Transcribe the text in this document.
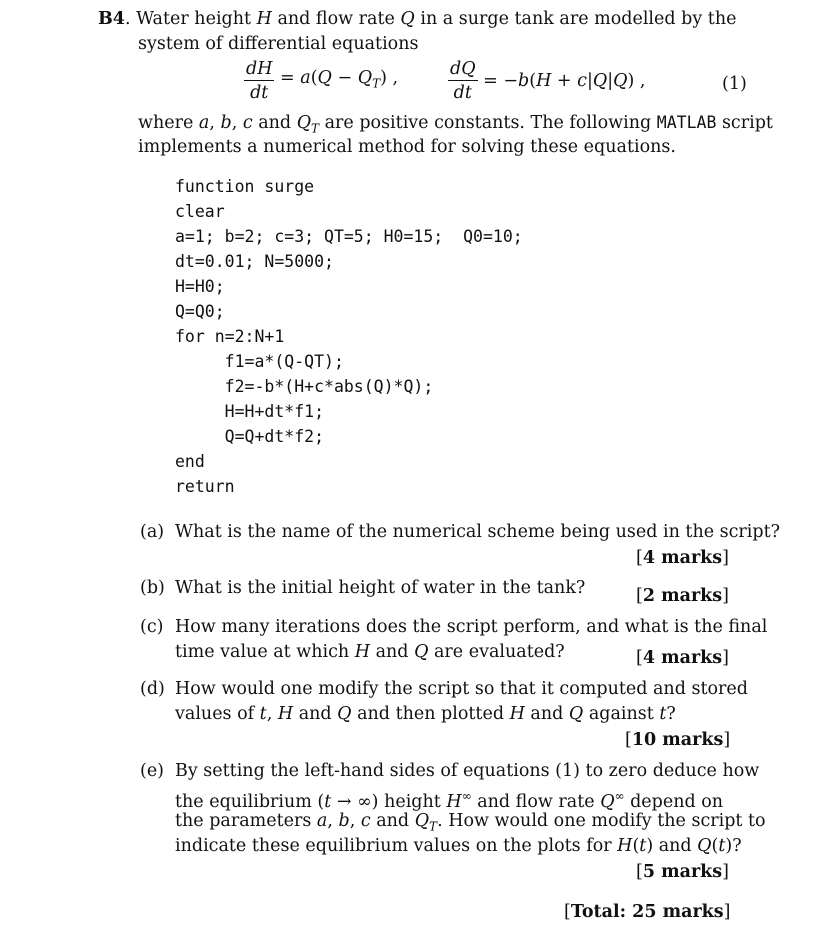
B4. Water height H and flow rate Q in a surge tank are modelled by the
system of differential equations
$\frac{dH}{dt} = a(Q - Q_T)$ ,	$\frac{dQ}{dt} = -b(H + c|Q|Q)$ ,	(1)
where a, b, c and $Q_T$ are positive constants. The following MATLAB script
implements a numerical method for solving these equations.
function surge
clear
a=1; b=2; c=3; QT=5; H0=15;  Q0=10;
dt=0.01; N=5000;
H=H0;
Q=Q0;
for n=2:N+1
f1=a*(Q-QT);
f2=-b*(H+c*abs(Q)*Q);
H=H+dt*f1;
Q=Q+dt*f2;
end
return
(a) What is the name of the numerical scheme being used in the script?
[4 marks]
(b) What is the initial height of water in the tank?	[2 marks]
(c) How many iterations does the script perform, and what is the final
time value at which H and Q are evaluated?	[4 marks]
(d) How would one modify the script so that it computed and stored
values of t, H and Q and then plotted H and Q against t?
[10 marks]
(e) By setting the left-hand sides of equations (1) to zero deduce how
the equilibrium (t → ∞) height H∞ and flow rate Q∞ depend on
the parameters a, b, c and $Q_T$. How would one modify the script to
indicate these equilibrium values on the plots for H(t) and Q(t)?
[5 marks]
[Total: 25 marks]
